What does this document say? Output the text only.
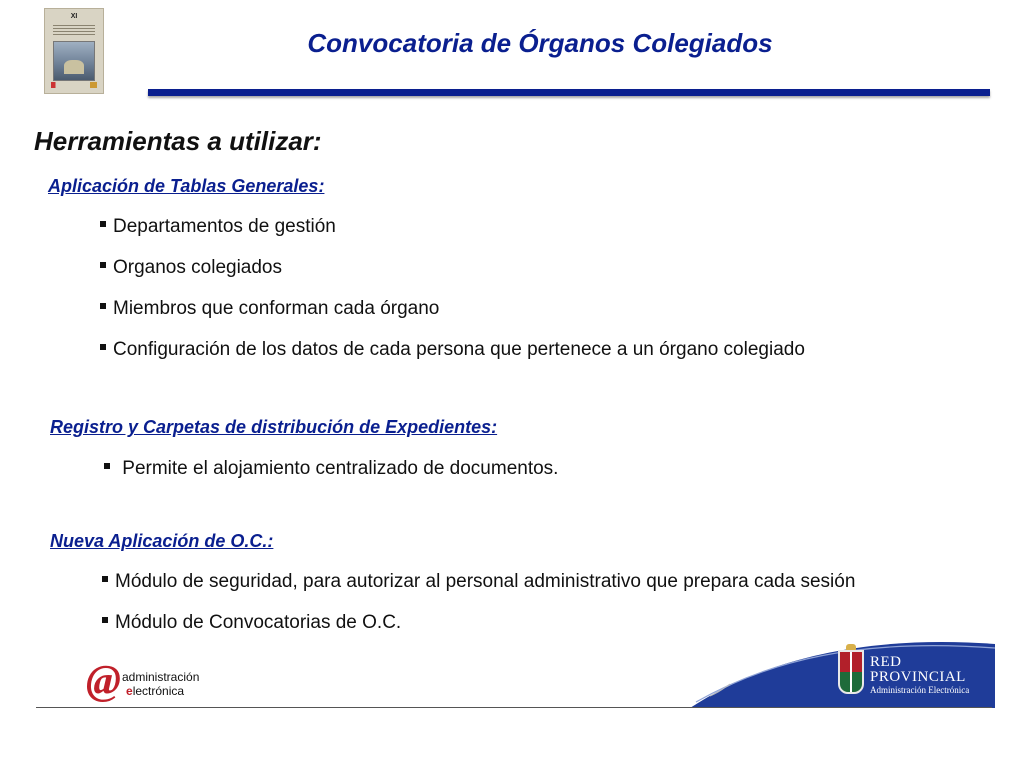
XI
Convocatoria de Órganos Colegiados
Herramientas a utilizar:
Aplicación de Tablas Generales:
Departamentos de gestión
Organos colegiados
Miembros que conforman cada órgano
Configuración de los datos de cada persona que pertenece a un órgano colegiado
Registro y Carpetas de distribución de Expedientes:
Permite el alojamiento centralizado de documentos.
Nueva Aplicación de O.C.:
Módulo de seguridad, para autorizar al personal administrativo que prepara cada sesión
Módulo de Convocatorias de O.C.
RED
PROVINCIAL
Administración Electrónica
@ administración
electrónica
